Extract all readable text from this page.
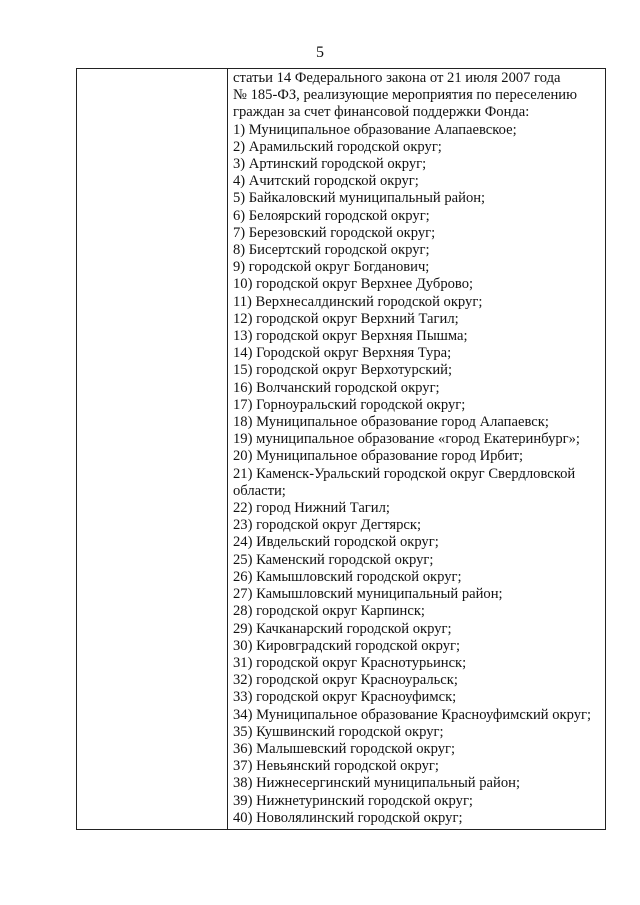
5

статьи 14 Федерального закона от 21 июля 2007 года
№ 185-ФЗ, реализующие мероприятия по переселению
граждан за счет финансовой поддержки Фонда:

1) Муниципальное образование Алапаевское;
2) Арамильский городской округ;
3) Артинский городской округ;
4) Ачитский городской округ;
5) Байкаловский муниципальный район;
6) Белоярский городской округ;
7) Березовский городской округ;
8) Бисертский городской округ;
9) городской округ Богданович;
10) городской округ Верхнее Дуброво;
11) Верхнесалдинский городской округ;
12) городской округ Верхний Тагил;
13) городской округ Верхняя Пышма;
14) Городской округ Верхняя Тура;
15) городской округ Верхотурский;
16) Волчанский городской округ;
17) Горноуральский городской округ;
18) Муниципальное образование город Алапаевск;
19) муниципальное образование «город Екатеринбург»;
20) Муниципальное образование город Ирбит;
21) Каменск-Уральский городской округ Свердловской области;
22) город Нижний Тагил;
23) городской округ Дегтярск;
24) Ивдельский городской округ;
25) Каменский городской округ;
26) Камышловский городской округ;
27) Камышловский муниципальный район;
28) городской округ Карпинск;
29) Качканарский городской округ;
30) Кировградский городской округ;
31) городской округ Краснотурьинск;
32) городской округ Красноуральск;
33) городской округ Красноуфимск;
34) Муниципальное образование Красноуфимский округ;
35) Кушвинский городской округ;
36) Малышевский городской округ;
37) Невьянский городской округ;
38) Нижнесергинский муниципальный район;
39) Нижнетуринский городской округ;
40) Новолялинский городской округ;
